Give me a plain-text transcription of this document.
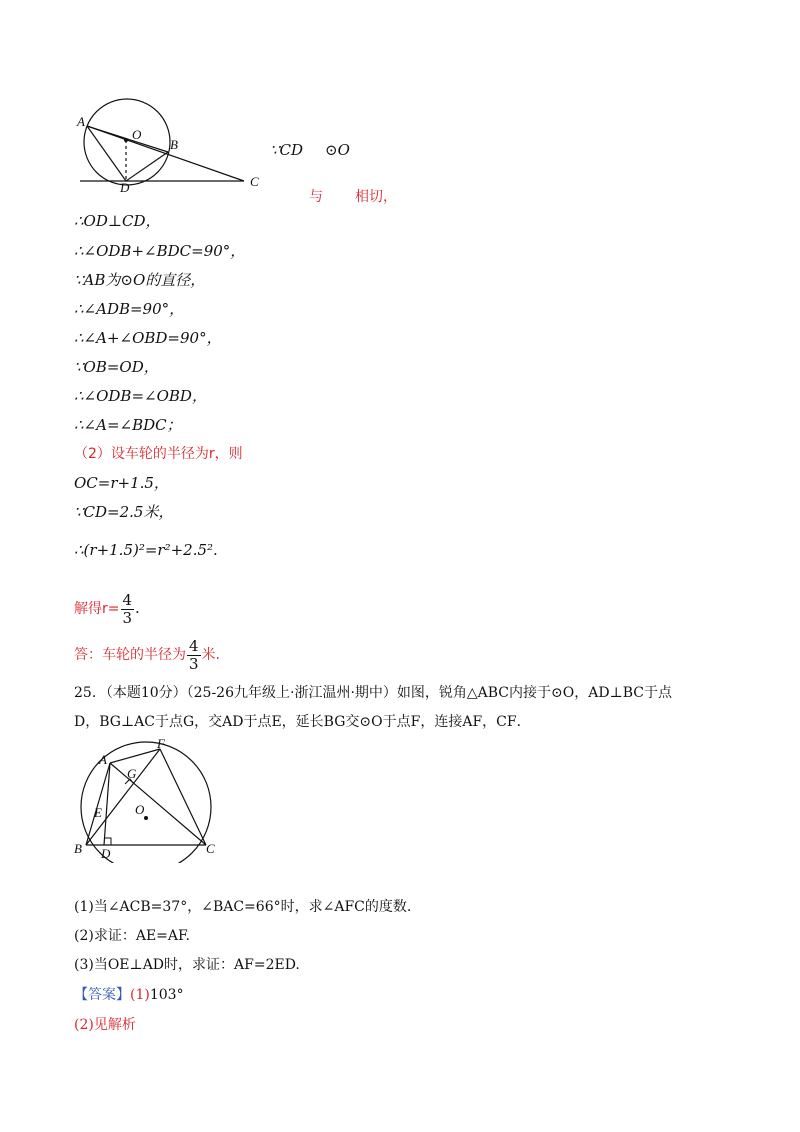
A
O
B
D	C
∵CD ⊙O
与 相切，
∴OD⊥CD，
∴∠ODB+∠BDC=90°，
∵AB为⊙O的直径，
∴∠ADB=90°，
∴∠A+∠OBD=90°，
∵OB=OD，
∴∠ODB=∠OBD，
∴∠A=∠BDC；
（2）设车轮的半径为r，则
OC=r+1.5，
∵CD=2.5米，
∴(r+1.5)²=r²+2.5².
解得$r= \frac{4}{3}$ .
答：车轮的半径为 $\frac{4}{3}$ 米.
25．（本题10分）（25-26九年级上·浙江温州·期中）如图，锐角△ABC内接于⊙O，AD⊥BC于点
D，BG⊥AC于点G，交AD于点E，延长BG交⊙O于点F，连接AF，CF．
A
F
G
O
E
B D	C
(1)当∠ACB=37°，∠BAC=66°时，求∠AFC的度数.
(2)求证：AE=AF.
(3)当OE⊥AD时，求证：AF=2ED.
【答案】(1)103°
(2)见解析
